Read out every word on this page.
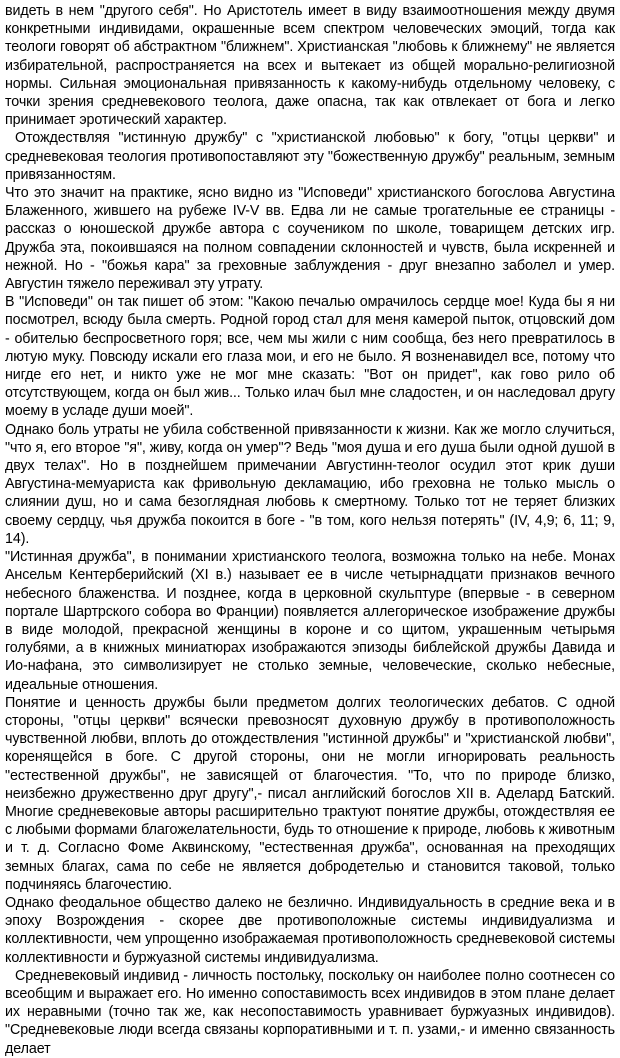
видеть в нем "другого себя". Но Аристотель имеет в виду взаимоотношения между двумя конкретными индивидами, окрашенные всем спектром человеческих эмоций, тогда как теологи говорят об абстрактном "ближнем". Христианская "любовь к ближнему" не является избирательной, распространяется на всех и вытекает из общей морально-религиозной нормы. Сильная эмоциональная привязанность к какому-нибудь отдельному человеку, с точки зрения средневекового теолога, даже опасна, так как отвлекает от бога и легко принимает эротический характер.

Отождествляя "истинную дружбу" с "христианской любовью" к богу, "отцы церкви" и средневековая теология противопоставляют эту "божественную дружбу" реальным, земным привязанностям.

Что это значит на практике, ясно видно из "Исповеди" христианского богослова Августина Блаженного, жившего на рубеже IV-V вв. Едва ли не самые трогательные ее страницы - рассказ о юношеской дружбе автора с соучеником по школе, товарищем детских игр. Дружба эта, покоившаяся на полном совпадении склонностей и чувств, была искренней и нежной. Но - "божья кара" за греховные заблуждения - друг внезапно заболел и умер. Августин тяжело переживал эту утрату.

В "Исповеди" он так пишет об этом: "Какою печалью омрачилось сердце мое! Куда бы я ни посмотрел, всюду была смерть. Родной город стал для меня камерой пыток, отцовский дом - обителью беспросветного горя; все, чем мы жили с ним сообща, без него превратилось в лютую муку. Повсюду искали его глаза мои, и его не было. Я возненавидел все, потому что нигде его нет, и никто уже не мог мне сказать: "Вот он придет", как гово рило об отсутствующем, когда он был жив... Только илач был мне сладостен, и он наследовал другу моему в усладе души моей".

Однако боль утраты не убила собственной привязанности к жизни. Как же могло случиться, "что я, его второе "я", живу, когда он умер"? Ведь "моя душа и его душа были одной душой в двух телах". Но в позднейшем примечании Августинн-теолог осудил этот крик души Августина-мемуариста как фривольную декламацию, ибо греховна не только мысль о слиянии душ, но и сама безоглядная любовь к смертному. Только тот не теряет близких своему сердцу, чья дружба покоится в боге - "в том, кого нельзя потерять" (IV, 4,9; 6, 11; 9, 14).

"Истинная дружба", в понимании христианского теолога, возможна только на небе. Монах Ансельм Кентерберийский (XI в.) называет ее в числе четырнадцати признаков вечного небесного блаженства. И позднее, когда в церковной скульптуре (впервые - в северном портале Шартрского собора во Франции) появляется аллегорическое изображение дружбы в виде молодой, прекрасной женщины в короне и со щитом, украшенным четырьмя голубями, а в книжных миниатюрах изображаются эпизоды библейской дружбы Давида и Ио-нафана, это символизирует не столько земные, человеческие, сколько небесные, идеальные отношения.

Понятие и ценность дружбы были предметом долгих теологических дебатов. С одной стороны, "отцы церкви" всячески превозносят духовную дружбу в противоположность чувственной любви, вплоть до отождествления "истинной дружбы" и "христианской любви", коренящейся в боге. С другой стороны, они не могли игнорировать реальность "естественной дружбы", не зависящей от благочестия. "То, что по природе близко, неизбежно дружественно друг другу",- писал английский богослов XII в. Аделард Батский. Многие средневековые авторы расширительно трактуют понятие дружбы, отождествляя ее с любыми формами благожелательности, будь то отношение к природе, любовь к животным и т. д. Согласно Фоме Аквинскому, "естественная дружба", основанная на преходящих земных благах, сама по себе не является добродетелью и становится таковой, только подчиняясь благочестию.

Однако феодальное общество далеко не безлично. Индивидуальность в средние века и в эпоху Возрождения - скорее две противоположные системы индивидуализма и коллективности, чем упрощенно изображаемая противоположность средневековой системы коллективности и буржуазной системы индивидуализма.

Средневековый индивид - личность постольку, поскольку он наиболее полно соотнесен со всеобщим и выражает его. Но именно сопоставимость всех индивидов в этом плане делает их неравными (точно так же, как несопоставимость уравнивает буржуазных индивидов). "Средневековые люди всегда связаны корпоративными и т. п. узами,- и именно связанность делает
